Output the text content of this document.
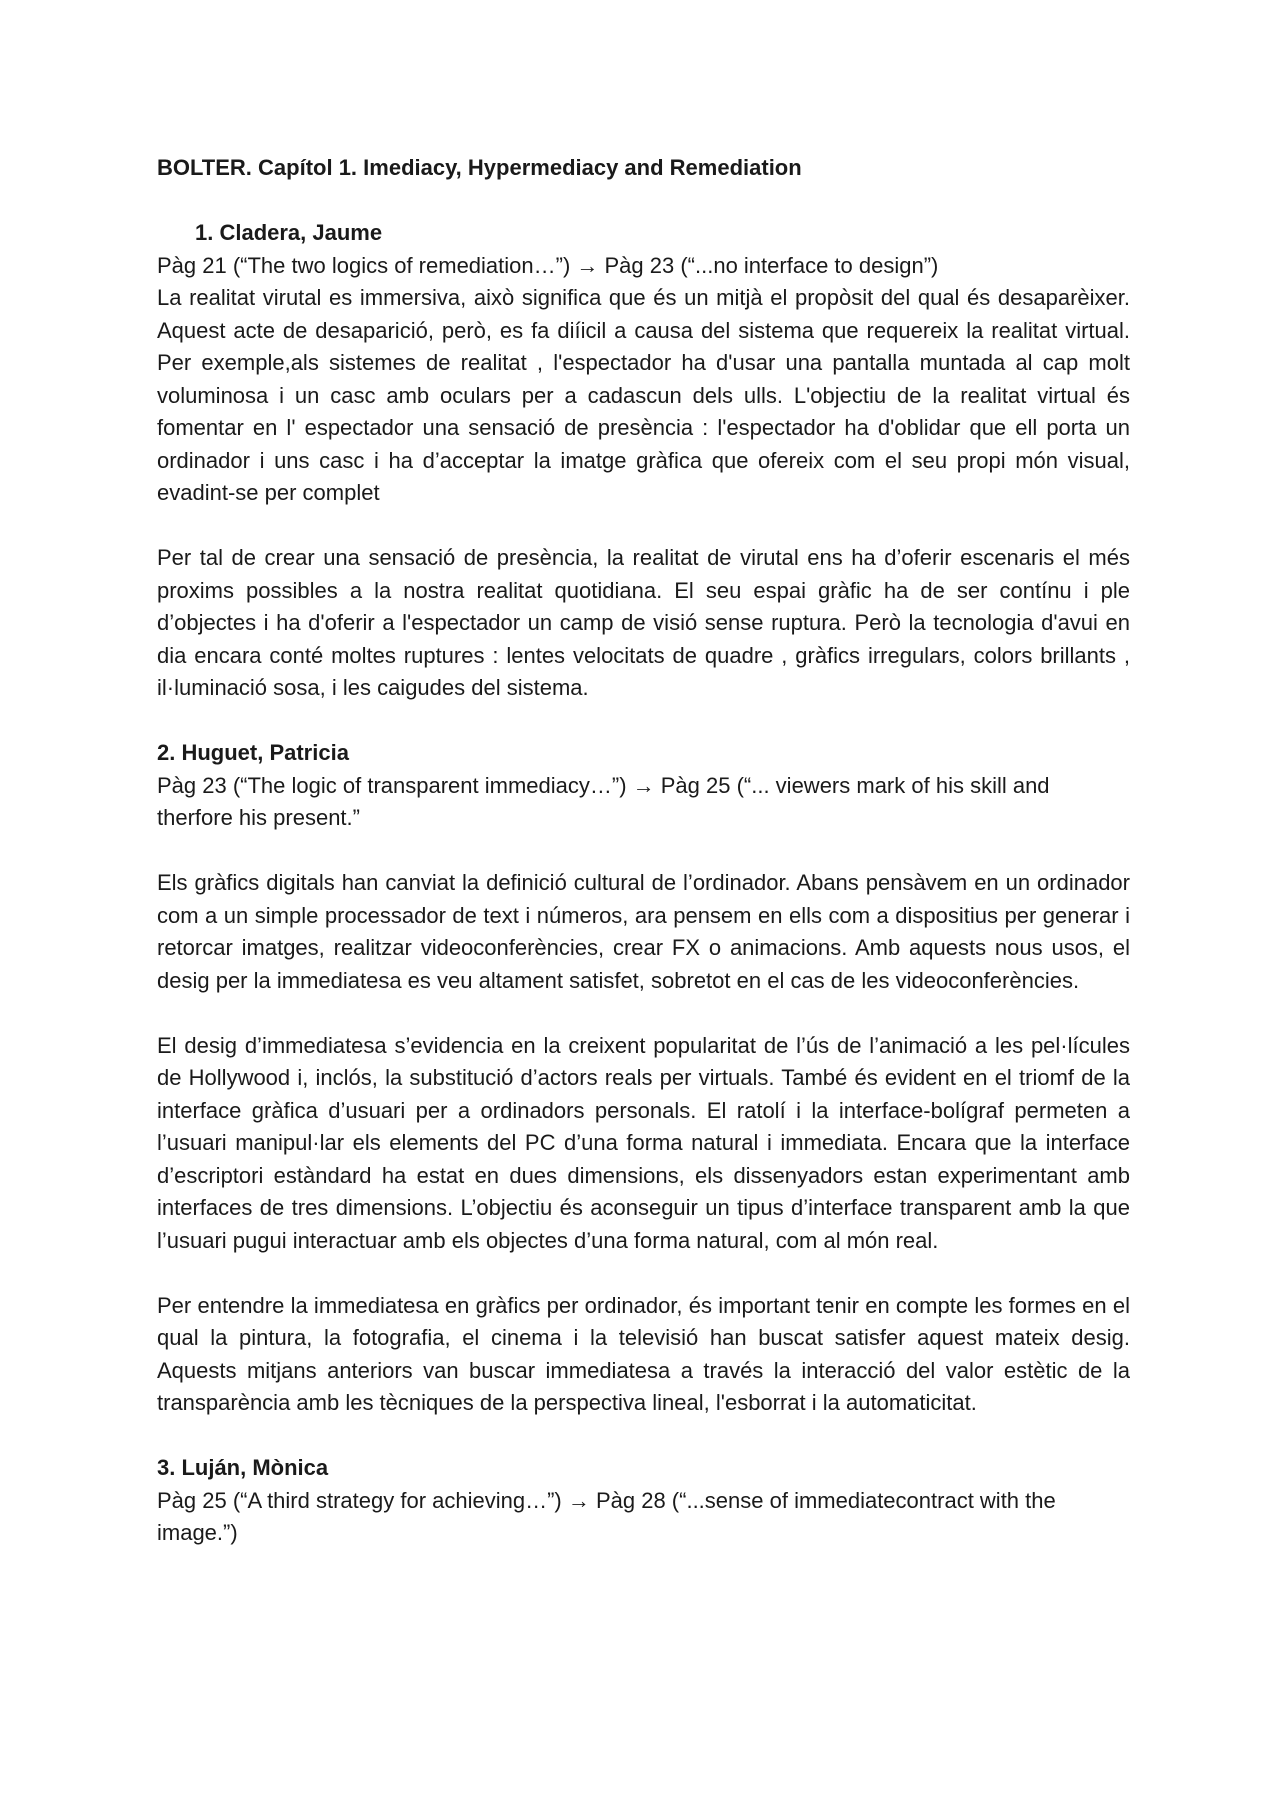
BOLTER. Capítol 1. Imediacy, Hypermediacy and Remediation
1. Cladera, Jaume
Pàg 21 (“The two logics of remediation…”) → Pàg 23 (“...no interface to design”)

La realitat virutal es immersiva, això significa que és un mitjà el propòsit del qual és desaparèixer. Aquest acte de desaparició, però, es fa diíicil a causa del sistema que requereix la realitat virtual. Per exemple,als sistemes de realitat , l'espectador ha d'usar una pantalla muntada al cap molt voluminosa i un casc amb oculars per a cadascun dels ulls. L'objectiu de la realitat virtual és fomentar en l' espectador una sensació de presència : l'espectador ha d'oblidar que ell porta un ordinador i uns casc i ha d’acceptar la imatge gràfica que ofereix com el seu propi món visual, evadint-se per complet

Per tal de crear una sensació de presència, la realitat de virutal ens ha d’oferir escenaris el més proxims possibles a la nostra realitat quotidiana. El seu espai gràfic ha de ser contínu i ple d’objectes i ha d'oferir a l'espectador un camp de visió sense ruptura. Però la tecnologia d'avui en dia encara conté moltes ruptures : lentes velocitats de quadre , gràfics irregulars, colors brillants , il·luminació sosa, i les caigudes del sistema.

2. Huguet, Patricia
Pàg 23 (“The logic of transparent immediacy…”) → Pàg 25 (“... viewers mark of his skill and therfore his present.”

Els gràfics digitals han canviat la definició cultural de l’ordinador. Abans pensàvem en un ordinador com a un simple processador de text i números, ara pensem en ells com a dispositius per generar i retorcar imatges, realitzar videoconferències, crear FX o animacions. Amb aquests nous usos, el desig per la immediatesa es veu altament satisfet, sobretot en el cas de les videoconferències.

El desig d’immediatesa s’evidencia en la creixent popularitat de l’ús de l’animació a les pel·lícules de Hollywood i, inclós, la substitució d’actors reals per virtuals. També és evident en el triomf de la interface gràfica d’usuari per a ordinadors personals. El ratolí i la interface-bolígraf permeten a l’usuari manipul·lar els elements del PC d’una forma natural i immediata. Encara que la interface d’escriptori estàndard ha estat en dues dimensions, els dissenyadors estan experimentant amb interfaces de tres dimensions. L’objectiu és aconseguir un tipus d’interface transparent amb la que l’usuari pugui interactuar amb els objectes d’una forma natural, com al món real.

Per entendre la immediatesa en gràfics per ordinador, és important tenir en compte les formes en el qual la pintura, la fotografia, el cinema i la televisió han buscat satisfer aquest mateix desig. Aquests mitjans anteriors van buscar immediatesa a través la interacció del valor estètic de la transparència amb les tècniques de la perspectiva lineal, l'esborrat i la automaticitat.

3. Luján, Mònica
Pàg 25 (“A third strategy for achieving…”) → Pàg 28 (“...sense of immediatecontract with the image.”)
